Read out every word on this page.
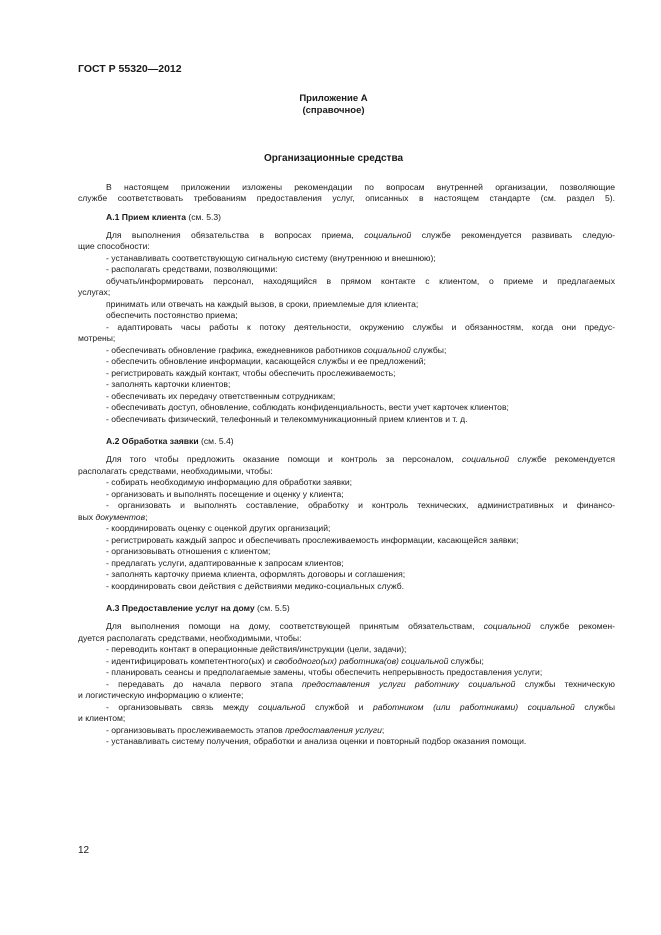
ГОСТ Р 55320—2012
Приложение А
(справочное)
Организационные средства
В настоящем приложении изложены рекомендации по вопросам внутренней организации, позволяющие
службе соответствовать требованиям предоставления услуг, описанных в настоящем стандарте (см. раздел 5).
А.1 Прием клиента (см. 5.3)
Для выполнения обязательства в вопросах приема, социальной службе рекомендуется развивать следую-
щие способности:
- устанавливать соответствующую сигнальную систему (внутреннюю и внешнюю);
- располагать средствами, позволяющими:
обучать/информировать персонал, находящийся в прямом контакте с клиентом, о приеме и предлагаемых
услугах;
принимать или отвечать на каждый вызов, в сроки, приемлемые для клиента;
обеспечить постоянство приема;
- адаптировать часы работы к потоку деятельности, окружению службы и обязанностям, когда они предус-
мотрены;
- обеспечивать обновление графика, ежедневников работников социальной службы;
- обеспечить обновление информации, касающейся службы и ее предложений;
- регистрировать каждый контакт, чтобы обеспечить прослеживаемость;
- заполнять карточки клиентов;
- обеспечивать их передачу ответственным сотрудникам;
- обеспечивать доступ, обновление, соблюдать конфиденциальность, вести учет карточек клиентов;
- обеспечивать физический, телефонный и телекоммуникационный прием клиентов и т. д.
А.2 Обработка заявки (см. 5.4)
Для того чтобы предложить оказание помощи и контроль за персоналом, социальной службе рекомендуется
располагать средствами, необходимыми, чтобы:
- собирать необходимую информацию для обработки заявки;
- организовать и выполнять посещение и оценку у клиента;
- организовать и выполнять составление, обработку и контроль технических, административных и финансо-
вых документов;
- координировать оценку с оценкой других организаций;
- регистрировать каждый запрос и обеспечивать прослеживаемость информации, касающейся заявки;
- организовывать отношения с клиентом;
- предлагать услуги, адаптированные к запросам клиентов;
- заполнять карточку приема клиента, оформлять договоры и соглашения;
- координировать свои действия с действиями медико-социальных служб.
А.3 Предоставление услуг на дому (см. 5.5)
Для выполнения помощи на дому, соответствующей принятым обязательствам, социальной службе рекомен-
дуется располагать средствами, необходимыми, чтобы:
- переводить контакт в операционные действия/инструкции (цели, задачи);
- идентифицировать компетентного(ых) и свободного(ых) работника(ов) социальной службы;
- планировать сеансы и предполагаемые замены, чтобы обеспечить непрерывность предоставления услуги;
- передавать до начала первого этапа предоставления услуги работнику социальной службы техническую
и логистическую информацию о клиенте;
- организовывать связь между социальной службой и работником (или работниками) социальной службы
и клиентом;
- организовывать прослеживаемость этапов предоставления услуги;
- устанавливать систему получения, обработки и анализа оценки и повторный подбор оказания помощи.
12
